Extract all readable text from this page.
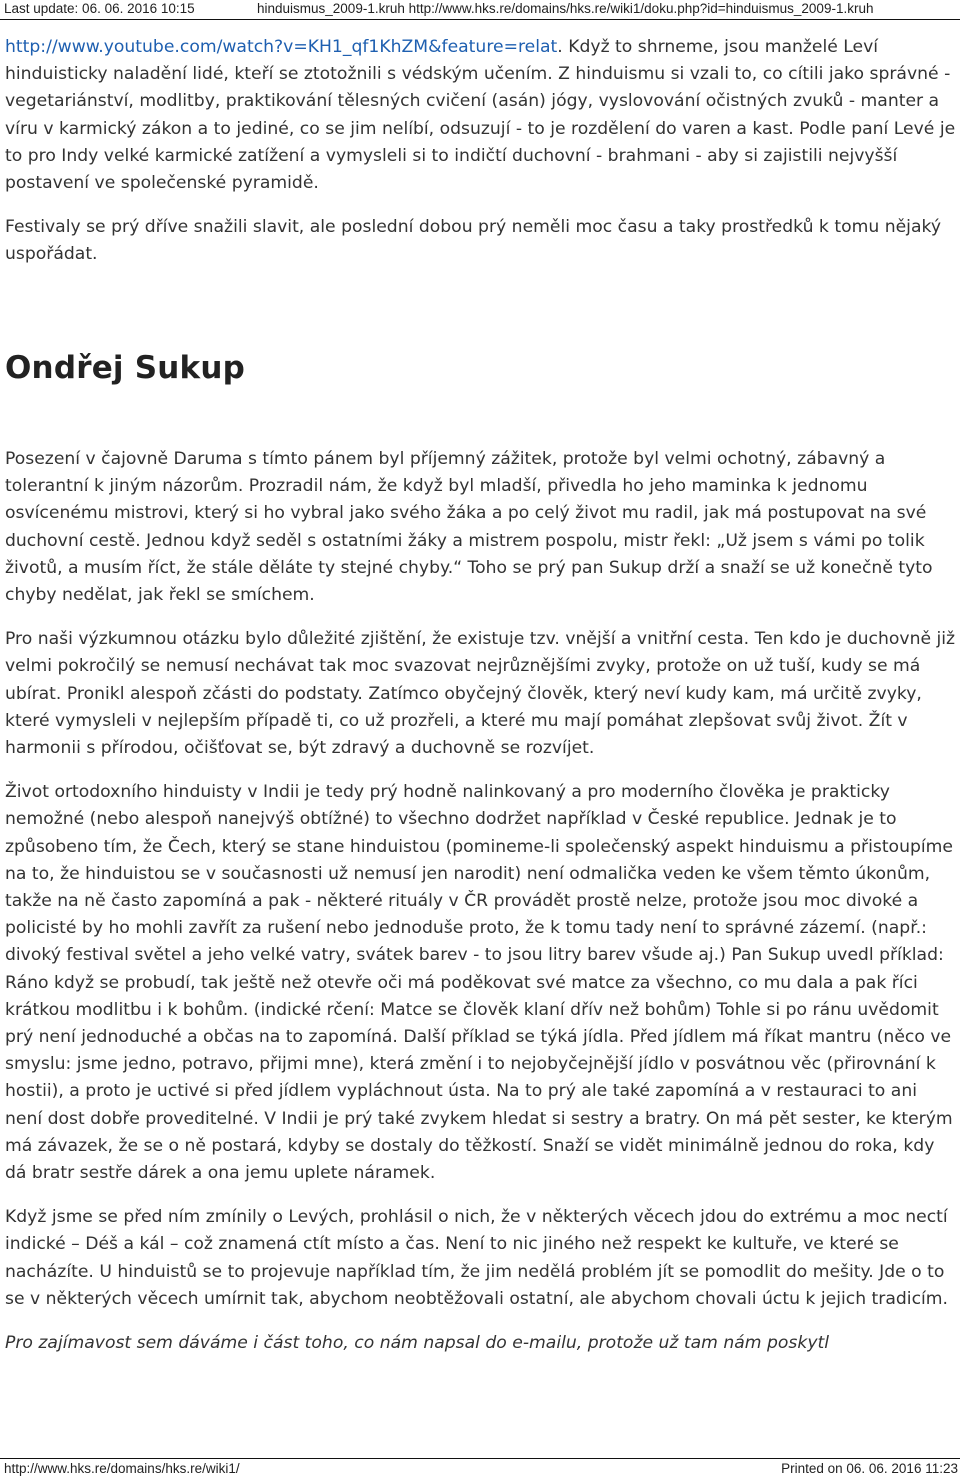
Last update: 06. 06. 2016 10:15	hinduismus_2009-1.kruh http://www.hks.re/domains/hks.re/wiki1/doku.php?id=hinduismus_2009-1.kruh

http://www.youtube.com/watch?v=KH1_qf1KhZM&feature=relat. Když to shrneme, jsou manželé Leví hinduisticky naladění lidé, kteří se ztotožnili s védským učením. Z hinduismu si vzali to, co cítili jako správné - vegetariánství, modlitby, praktikování tělesných cvičení (asán) jógy, vyslovování očistných zvuků - manter a víru v karmický zákon a to jediné, co se jim nelíbí, odsuzují - to je rozdělení do varen a kast. Podle paní Levé je to pro Indy velké karmické zatížení a vymysleli si to indičtí duchovní - brahmani - aby si zajistili nejvyšší postavení ve společenské pyramidě.

Festivaly se prý dříve snažili slavit, ale poslední dobou prý neměli moc času a taky prostředků k tomu nějaký uspořádat.

Ondřej Sukup

Posezení v čajovně Daruma s tímto pánem byl příjemný zážitek, protože byl velmi ochotný, zábavný a tolerantní k jiným názorům. Prozradil nám, že když byl mladší, přivedla ho jeho maminka k jednomu osvícenému mistrovi, který si ho vybral jako svého žáka a po celý život mu radil, jak má postupovat na své duchovní cestě. Jednou když seděl s ostatními žáky a mistrem pospolu, mistr řekl: „Už jsem s vámi po tolik životů, a musím říct, že stále děláte ty stejné chyby.“ Toho se prý pan Sukup drží a snaží se už konečně tyto chyby nedělat, jak řekl se smíchem.

Pro naši výzkumnou otázku bylo důležité zjištění, že existuje tzv. vnější a vnitřní cesta. Ten kdo je duchovně již velmi pokročilý se nemusí nechávat tak moc svazovat nejrůznějšími zvyky, protože on už tuší, kudy se má ubírat. Pronikl alespoň zčásti do podstaty. Zatímco obyčejný člověk, který neví kudy kam, má určitě zvyky, které vymysleli v nejlepším případě ti, co už prozřeli, a které mu mají pomáhat zlepšovat svůj život. Žít v harmonii s přírodou, očišťovat se, být zdravý a duchovně se rozvíjet.

Život ortodoxního hinduisty v Indii je tedy prý hodně nalinkovaný a pro moderního člověka je prakticky nemožné (nebo alespoň nanejvýš obtížné) to všechno dodržet například v České republice. Jednak je to způsobeno tím, že Čech, který se stane hinduistou (pomineme-li společenský aspekt hinduismu a přistoupíme na to, že hinduistou se v současnosti už nemusí jen narodit) není odmalička veden ke všem těmto úkonům, takže na ně často zapomíná a pak - některé rituály v ČR provádět prostě nelze, protože jsou moc divoké a policisté by ho mohli zavřít za rušení nebo jednoduše proto, že k tomu tady není to správné zázemí. (např.: divoký festival světel a jeho velké vatry, svátek barev - to jsou litry barev všude aj.) Pan Sukup uvedl příklad: Ráno když se probudí, tak ještě než otevře oči má poděkovat své matce za všechno, co mu dala a pak říci krátkou modlitbu i k bohům. (indické rčení: Matce se člověk klaní dřív než bohům) Tohle si po ránu uvědomit prý není jednoduché a občas na to zapomíná. Další příklad se týká jídla. Před jídlem má říkat mantru (něco ve smyslu: jsme jedno, potravo, přijmi mne), která změní i to nejobyčejnější jídlo v posvátnou věc (přirovnání k hostii), a proto je uctivé si před jídlem vypláchnout ústa. Na to prý ale také zapomíná a v restauraci to ani není dost dobře proveditelné. V Indii je prý také zvykem hledat si sestry a bratry. On má pět sester, ke kterým má závazek, že se o ně postará, kdyby se dostaly do těžkostí. Snaží se vidět minimálně jednou do roka, kdy dá bratr sestře dárek a ona jemu uplete náramek.

Když jsme se před ním zmínily o Levých, prohlásil o nich, že v některých věcech jdou do extrému a moc nectí indické – Déš a kál – což znamená ctít místo a čas. Není to nic jiného než respekt ke kultuře, ve které se nacházíte. U hinduistů se to projevuje například tím, že jim nedělá problém jít se pomodlit do mešity. Jde o to se v některých věcech umírnit tak, abychom neobtěžovali ostatní, ale abychom chovali úctu k jejich tradicím.

Pro zajímavost sem dáváme i část toho, co nám napsal do e-mailu, protože už tam nám poskytl

http://www.hks.re/domains/hks.re/wiki1/	Printed on 06. 06. 2016 11:23
